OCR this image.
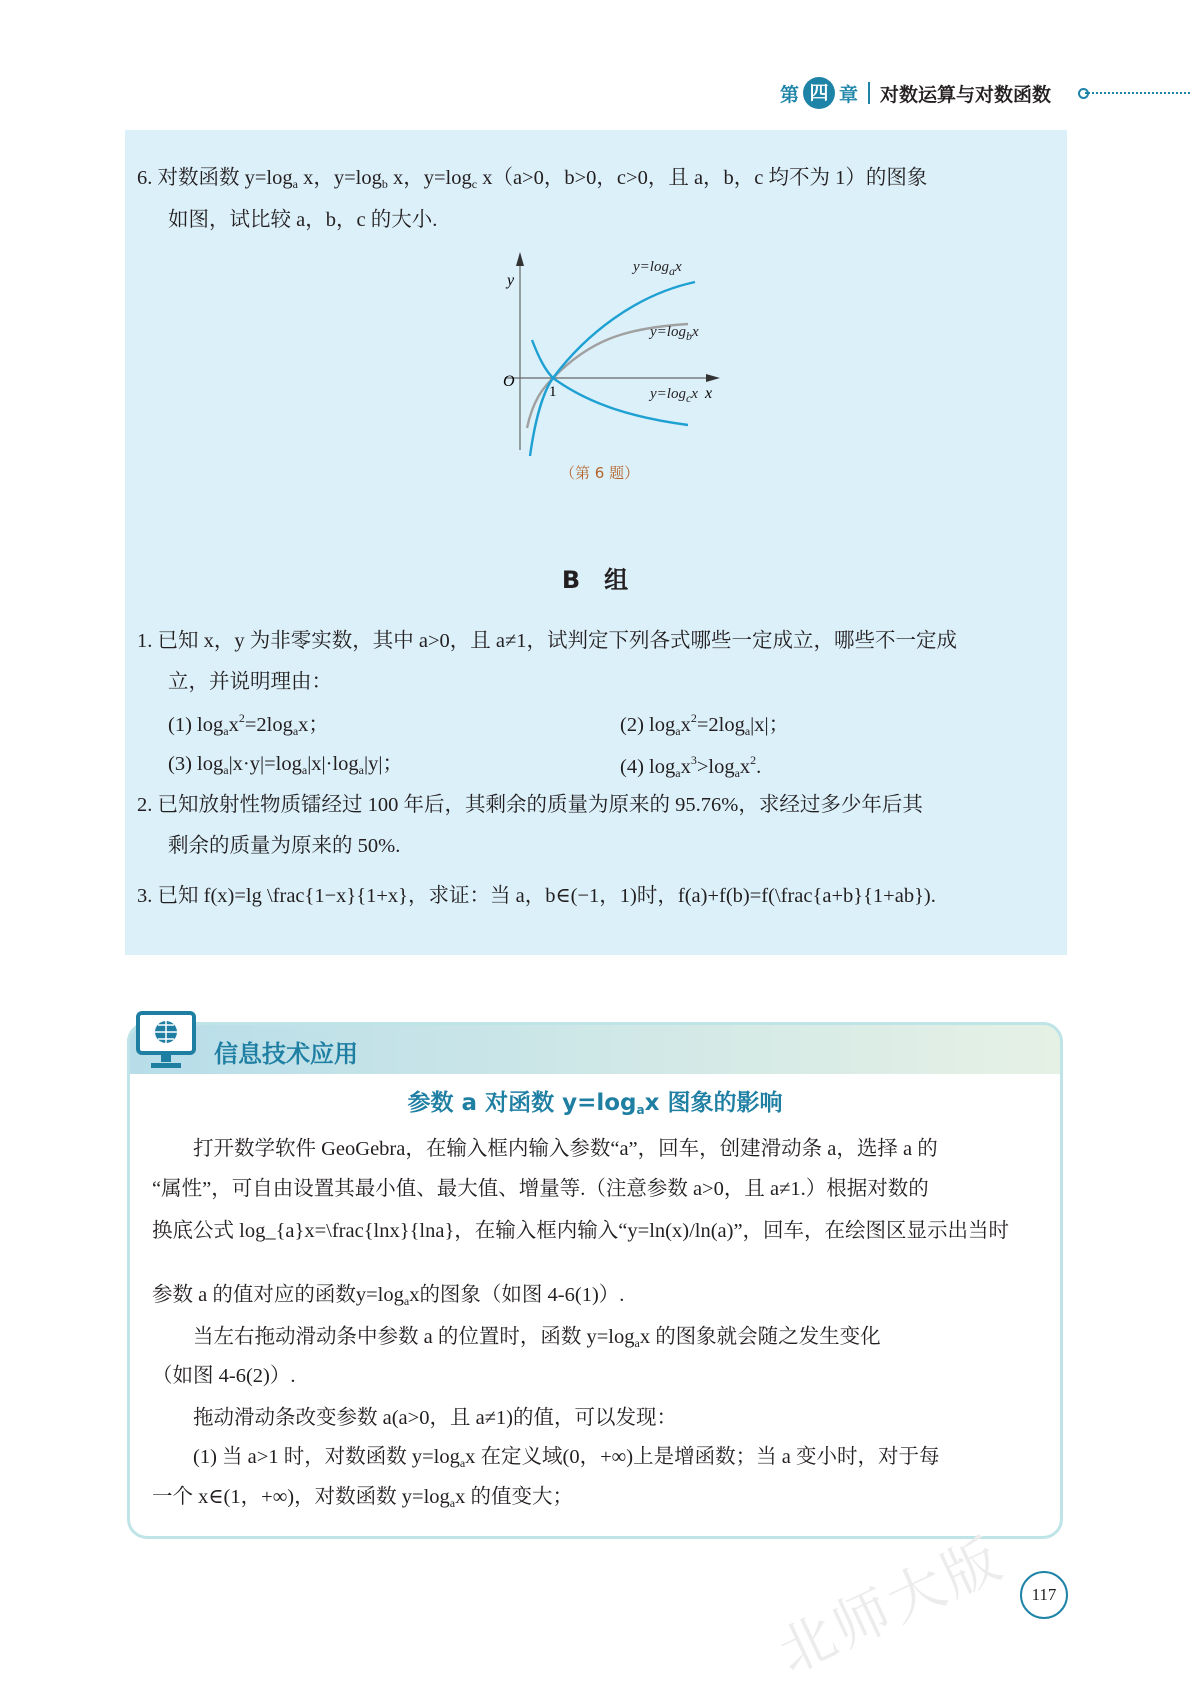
第 四 章 对数运算与对数函数
6. 对数函数 $y=\log_a$ x，$y=\log_b$ x，$y=\log_c$ x（a>0，b>0，c>0，且 a，b，c 均不为 1）的图象
如图，试比较 a，b，c 的大小.
y
x
O
1
$y=\log_ax$
$y=\log_bx$
$y=\log_cx$
（第 6 题）
B　组
1. 已知 x，y 为非零实数，其中 a>0，且 a≠1，试判定下列各式哪些一定成立，哪些不一定成
立，并说明理由：
(1) $\log_ax^2=2\log_ax$；	(2) $\log_ax^2=2\log_a|x|$；
(3) $\log_a|x\cdot y|=\log_a|x|\cdot\log_a|y|$；	(4) $\log_ax^3>\log_ax^2$.
2. 已知放射性物质镭经过 100 年后，其剩余的质量为原来的 95.76%，求经过多少年后其
剩余的质量为原来的 50%.
3. 已知 f(x)=lg \frac{1−x}{1+x}，求证：当 a，b∈(−1，1)时，f(a)+f(b)=f(\frac{a+b}{1+ab}).
信息技术应用
参数 a 对函数 $y=\log_ax$ 图象的影响
　　打开数学软件 GeoGebra，在输入框内输入参数“a”，回车，创建滑动条 a，选择 a 的
“属性”，可自由设置其最小值、最大值、增量等.（注意参数 a>0，且 a≠1.）根据对数的
换底公式 log_{a}x=\frac{lnx}{lna}，在输入框内输入“y=ln(x)/ln(a)”，回车，在绘图区显示出当时
参数 a 的值对应的函数$y=\log_ax$的图象（如图 4-6(1)）.
　　当左右拖动滑动条中参数 a 的位置时，函数 $y=\log_ax$ 的图象就会随之发生变化
（如图 4-6(2)）.
　　拖动滑动条改变参数 a(a>0，且 a≠1)的值，可以发现：
　　(1) 当 a>1 时，对数函数 $y=\log_ax$ 在定义域(0，+∞)上是增函数；当 a 变小时，对于每
一个 x∈(1，+∞)，对数函数 $y=\log_ax$ 的值变大；
北师大版	117
